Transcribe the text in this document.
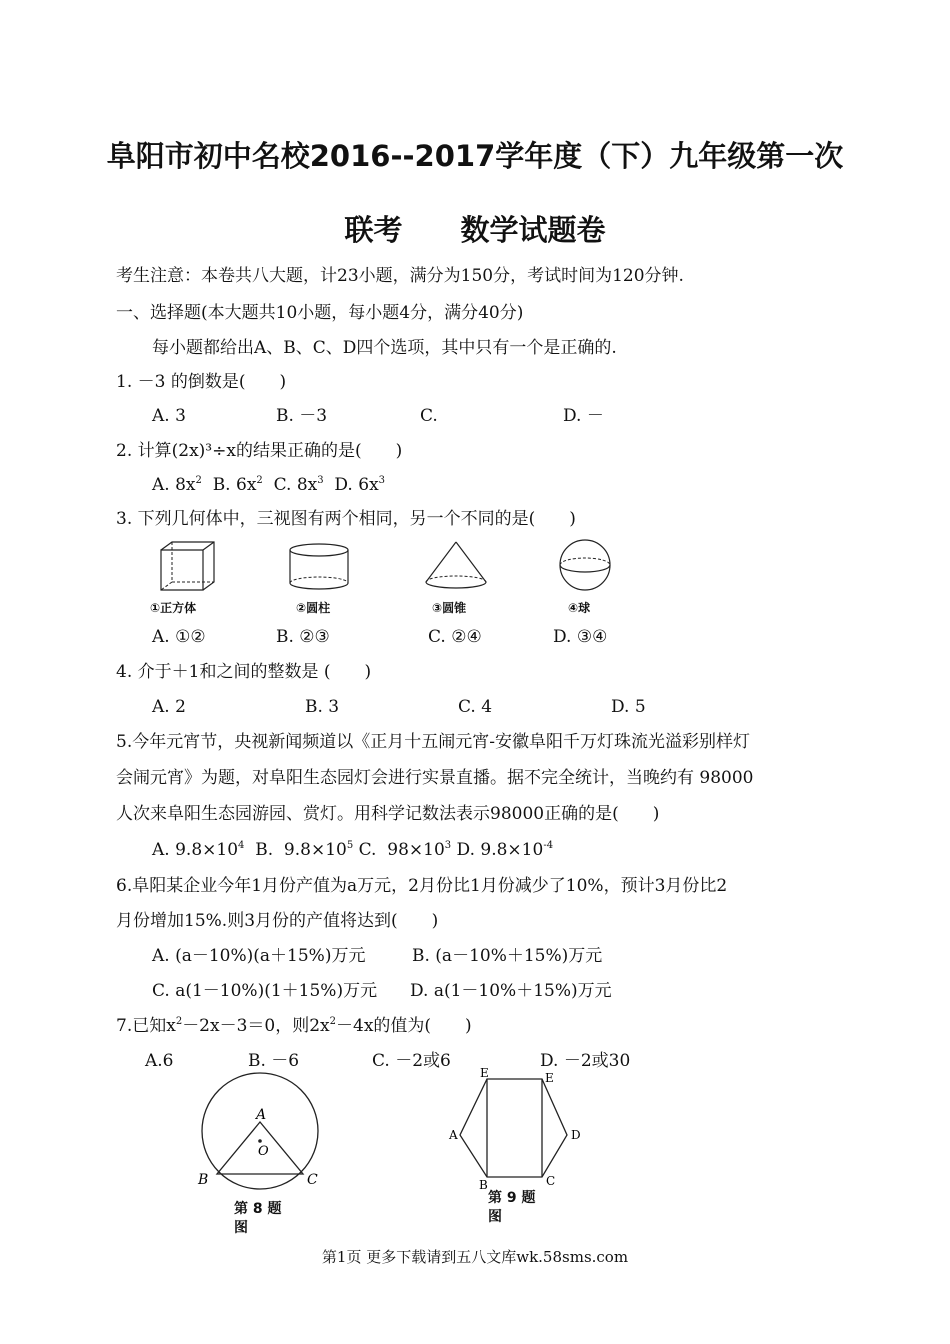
阜阳市初中名校2016--2017学年度（下）九年级第一次
联考　　数学试题卷
考生注意：本卷共八大题，计23小题，满分为150分，考试时间为120分钟.
一、选择题(本大题共10小题，每小题4分，满分40分)
每小题都给出A、B、C、D四个选项，其中只有一个是正确的.
1. －3 的倒数是(　　)
A. 3	B. －3	C.	D. －
2. 计算(2x)³÷x的结果正确的是(　　)
A. $8x^2$ B. $6x^2$ C. $8x^3$ D. $6x^3$
3. 下列几何体中，三视图有两个相同，另一个不同的是(　　)
①正方体	②圆柱	③圆锥	④球
A. ①②	B. ②③	C. ②④	D. ③④
4. 介于＋1和之间的整数是 (　　)
A. 2	B. 3	C. 4	D. 5
5.今年元宵节，央视新闻频道以《正月十五闹元宵-安徽阜阳千万灯珠流光溢彩别样灯
会闹元宵》为题，对阜阳生态园灯会进行实景直播。据不完全统计，当晚约有 98000
人次来阜阳生态园游园、赏灯。用科学记数法表示98000正确的是(　　)
A. $9.8\times 10^4$ B. $9.8\times 10^5$ C. $98\times 10^3$ D. $9.8\times 10^{-4}$
6.阜阳某企业今年1月份产值为a万元，2月份比1月份减少了10%，预计3月份比2
月份增加15%.则3月份的产值将达到(　　)
A. (a－10%)(a＋15%)万元	B. (a－10%＋15%)万元
C. a(1－10%)(1＋15%)万元 D. a(1－10%＋15%)万元
7.已知$x^2-2x-3=0$，则$2x^2-4x$的值为(　　)
A.6	B. －6	C. －2或6	D. －2或30
A
O
B	C
第 8 题
图
E	E
A	D
B	C
第 9 题
图
第1页 更多下载请到五八文库wk.58sms.com
